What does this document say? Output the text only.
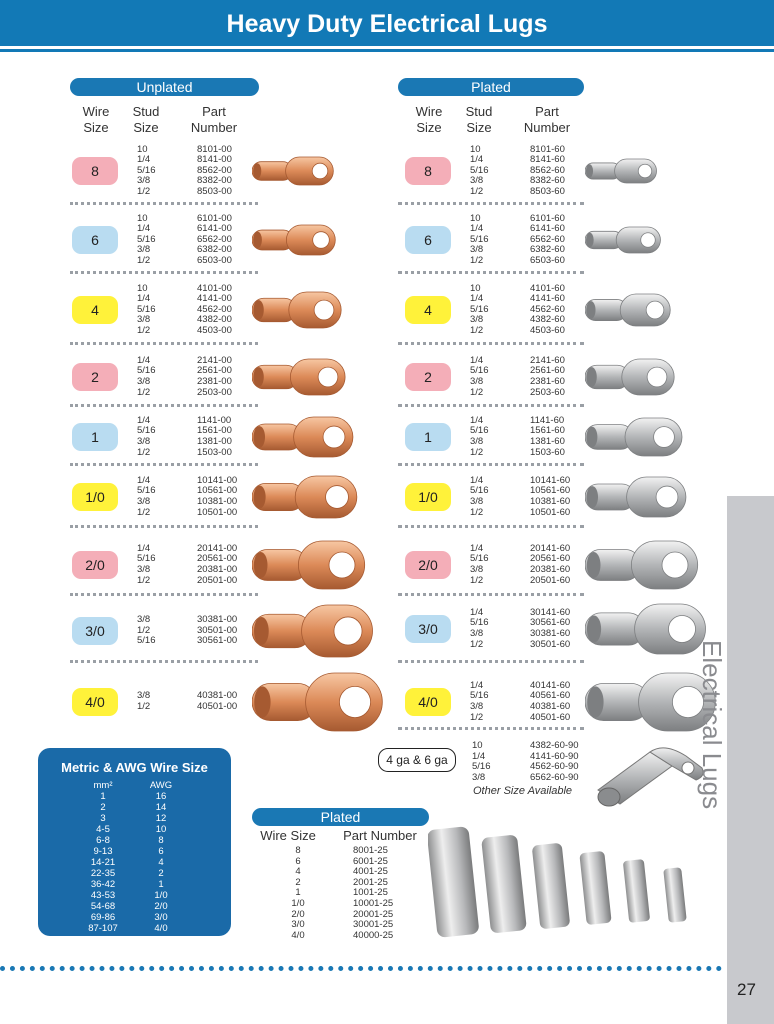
Heavy Duty Electrical Lugs
Unplated
Wire
Size
Stud
Size
Part
Number
Plated
Wire
Size
Stud
Size
Part
Number
8
10
1/4
5/16
3/8
1/2
8101-00
8141-00
8562-00
8382-00
8503-00
6
10
1/4
5/16
3/8
1/2
6101-00
6141-00
6562-00
6382-00
6503-00
4
10
1/4
5/16
3/8
1/2
4101-00
4141-00
4562-00
4382-00
4503-00
2
1/4
5/16
3/8
1/2
2141-00
2561-00
2381-00
2503-00
1
1/4
5/16
3/8
1/2
1141-00
1561-00
1381-00
1503-00
1/0
1/4
5/16
3/8
1/2
10141-00
10561-00
10381-00
10501-00
2/0
1/4
5/16
3/8
1/2
20141-00
20561-00
20381-00
20501-00
3/0
3/8
1/2
5/16
30381-00
30501-00
30561-00
4/0	3/8
1/2
40381-00
40501-00
8
10
1/4
5/16
3/8
1/2
8101-60
8141-60
8562-60
8382-60
8503-60
6
10
1/4
5/16
3/8
1/2
6101-60
6141-60
6562-60
6382-60
6503-60
4
10
1/4
5/16
3/8
1/2
4101-60
4141-60
4562-60
4382-60
4503-60
2
1/4
5/16
3/8
1/2
2141-60
2561-60
2381-60
2503-60
1
1/4
5/16
3/8
1/2
1141-60
1561-60
1381-60
1503-60
1/0
1/4
5/16
3/8
1/2
10141-60
10561-60
10381-60
10501-60
2/0
1/4
5/16
3/8
1/2
20141-60
20561-60
20381-60
20501-60
3/0
1/4
5/16
3/8
1/2
30141-60
30561-60
30381-60
30501-60
4/0
1/4
5/16
3/8
1/2
40141-60
40561-60
40381-60
40501-60
4 ga & 6 ga
10
1/4
5/16
3/8
4382-60-90
4141-60-90
4562-60-90
6562-60-90
Other Size Available
Metric & AWG Wire Size
mm²	AWG
1
2
3
4-5
6-8
9-13
14-21
22-35
36-42
43-53
54-68
69-86
87-107
16
14
12
10
8
6
4
2
1
1/0
2/0
3/0
4/0
Plated
Wire Size Part Number
8
6
4
2
1
1/0
2/0
3/0
4/0
8001-25
6001-25
4001-25
2001-25
1001-25
10001-25
20001-25
30001-25
40000-25
Electrical Lugs
27
